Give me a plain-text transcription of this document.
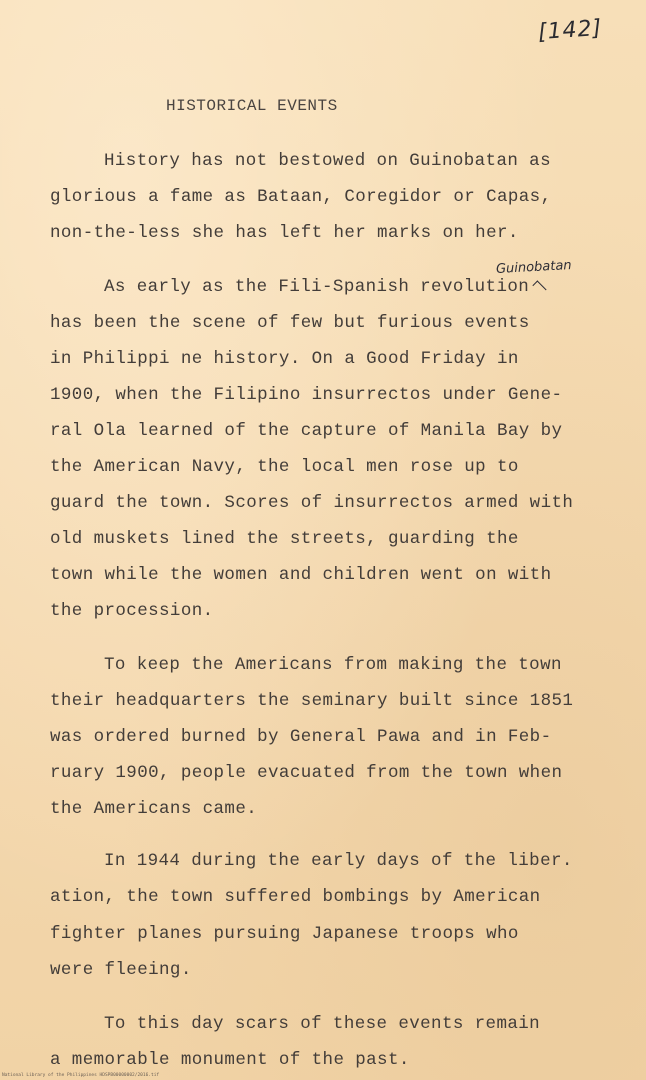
[142]
HISTORICAL EVENTS
Guinobatan
History has not bestowed on Guinobatan as
glorious a fame as Bataan, Coregidor or Capas,
non-the-less she has left her marks on her.
As early as the Fili-Spanish revolution
has been the scene of few but furious events
in Philippi ne history. On a Good Friday in
1900, when the Filipino insurrectos under Gene-
ral Ola learned of the capture of Manila Bay by
the American Navy, the local men rose up to
guard the town. Scores of insurrectos armed with
old muskets lined the streets, guarding the
town while the women and children went on with
the procession.
To keep the Americans from making the town
their headquarters the seminary built since 1851
was ordered burned by General Pawa and in Feb-
ruary 1900, people evacuated from the town when
the Americans came.
In 1944 during the early days of the liber.
ation, the town suffered bombings by American
fighter planes pursuing Japanese troops who
were fleeing.
To this day scars of these events remain
a memorable monument of the past.
National Library of the Philippines HDSPB00000002/2016.tif
